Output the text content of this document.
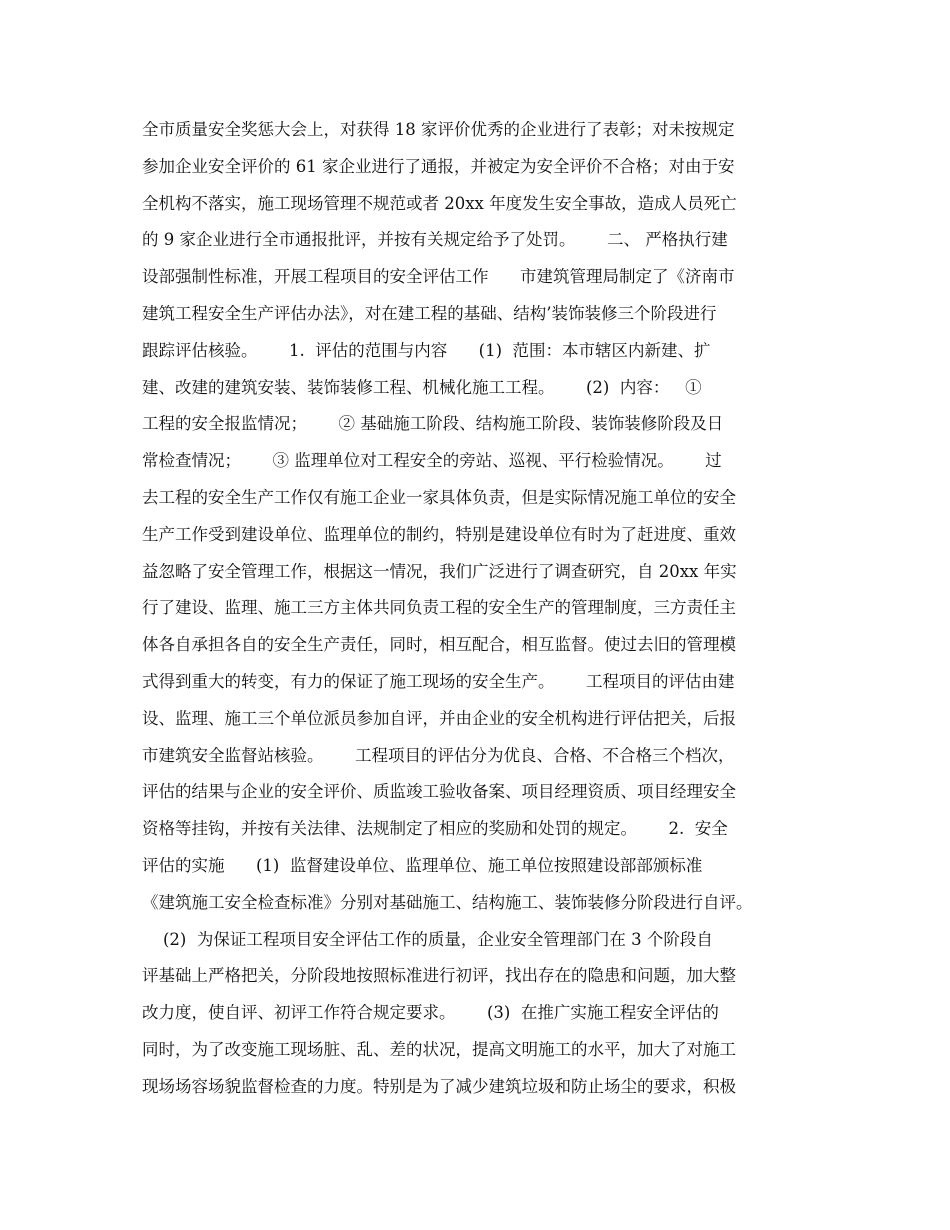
全市质量安全奖惩大会上，对获得 18 家评价优秀的企业进行了表彰；对未按规定
参加企业安全评价的 61 家企业进行了通报，并被定为安全评价不合格；对由于安
全机构不落实，施工现场管理不规范或者 20xx 年度发生安全事故，造成人员死亡
的 9 家企业进行全市通报批评，并按有关规定给予了处罚。      二、 严格执行建
设部强制性标准，开展工程项目的安全评估工作      市建筑管理局制定了《济南市
建筑工程安全生产评估办法》，对在建工程的基础、结构’装饰装修三个阶段进行
跟踪评估核验。      1.  评估的范围与内容      (1)  范围：本市辖区内新建、扩
建、改建的建筑安装、装饰装修工程、机械化施工工程。      (2)  内容：   ①
工程的安全报监情况；      ② 基础施工阶段、结构施工阶段、装饰装修阶段及日
常检查情况；      ③ 监理单位对工程安全的旁站、巡视、平行检验情况。      过
去工程的安全生产工作仅有施工企业一家具体负责，但是实际情况施工单位的安全
生产工作受到建设单位、监理单位的制约，特别是建设单位有时为了赶进度、重效
益忽略了安全管理工作，根据这一情况，我们广泛进行了调查研究，自 20xx 年实
行了建设、监理、施工三方主体共同负责工程的安全生产的管理制度，三方责任主
体各自承担各自的安全生产责任，同时，相互配合，相互监督。使过去旧的管理模
式得到重大的转变，有力的保证了施工现场的安全生产。      工程项目的评估由建
设、监理、施工三个单位派员参加自评，并由企业的安全机构进行评估把关，后报
市建筑安全监督站核验。      工程项目的评估分为优良、合格、不合格三个档次，
评估的结果与企业的安全评价、质监竣工验收备案、项目经理资质、项目经理安全
资格等挂钩，并按有关法律、法规制定了相应的奖励和处罚的规定。      2.  安全
评估的实施      (1)  监督建设单位、监理单位、施工单位按照建设部部颁标准
《建筑施工安全检查标准》分别对基础施工、结构施工、装饰装修分阶段进行自评。
(2)  为保证工程项目安全评估工作的质量，企业安全管理部门在 3 个阶段自
评基础上严格把关，分阶段地按照标准进行初评，找出存在的隐患和问题，加大整
改力度，使自评、初评工作符合规定要求。      (3)  在推广实施工程安全评估的
同时，为了改变施工现场脏、乱、差的状况，提高文明施工的水平，加大了对施工
现场场容场貌监督检查的力度。特别是为了减少建筑垃圾和防止场尘的要求，积极
